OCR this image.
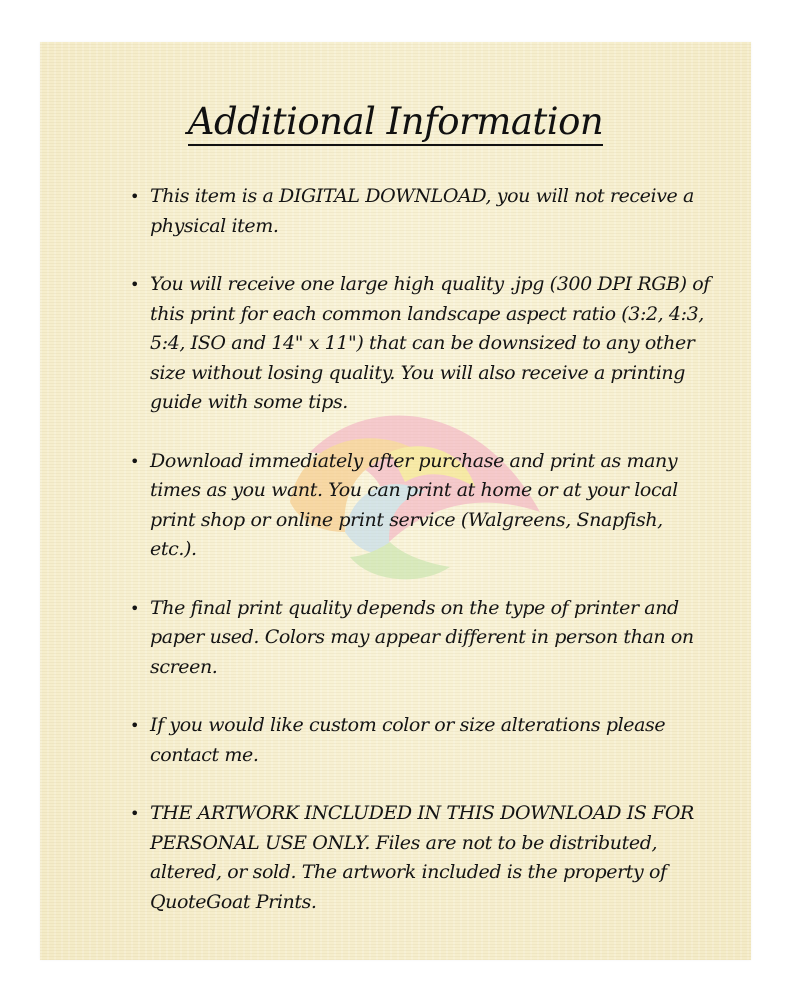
Additional Information
• This item is a DIGITAL DOWNLOAD, you will not receive a physical item.
• You will receive one large high quality .jpg (300 DPI RGB) of this print for each common landscape aspect ratio (3:2, 4:3, 5:4, ISO and 14" x 11") that can be downsized to any other size without losing quality. You will also receive a printing guide with some tips.
• Download immediately after purchase and print as many times as you want. You can print at home or at your local print shop or online print service (Walgreens, Snapfish, etc.).
• The final print quality depends on the type of printer and paper used. Colors may appear different in person than on screen.
• If you would like custom color or size alterations please contact me.
• THE ARTWORK INCLUDED IN THIS DOWNLOAD IS FOR PERSONAL USE ONLY. Files are not to be distributed, altered, or sold. The artwork included is the property of QuoteGoat Prints.
